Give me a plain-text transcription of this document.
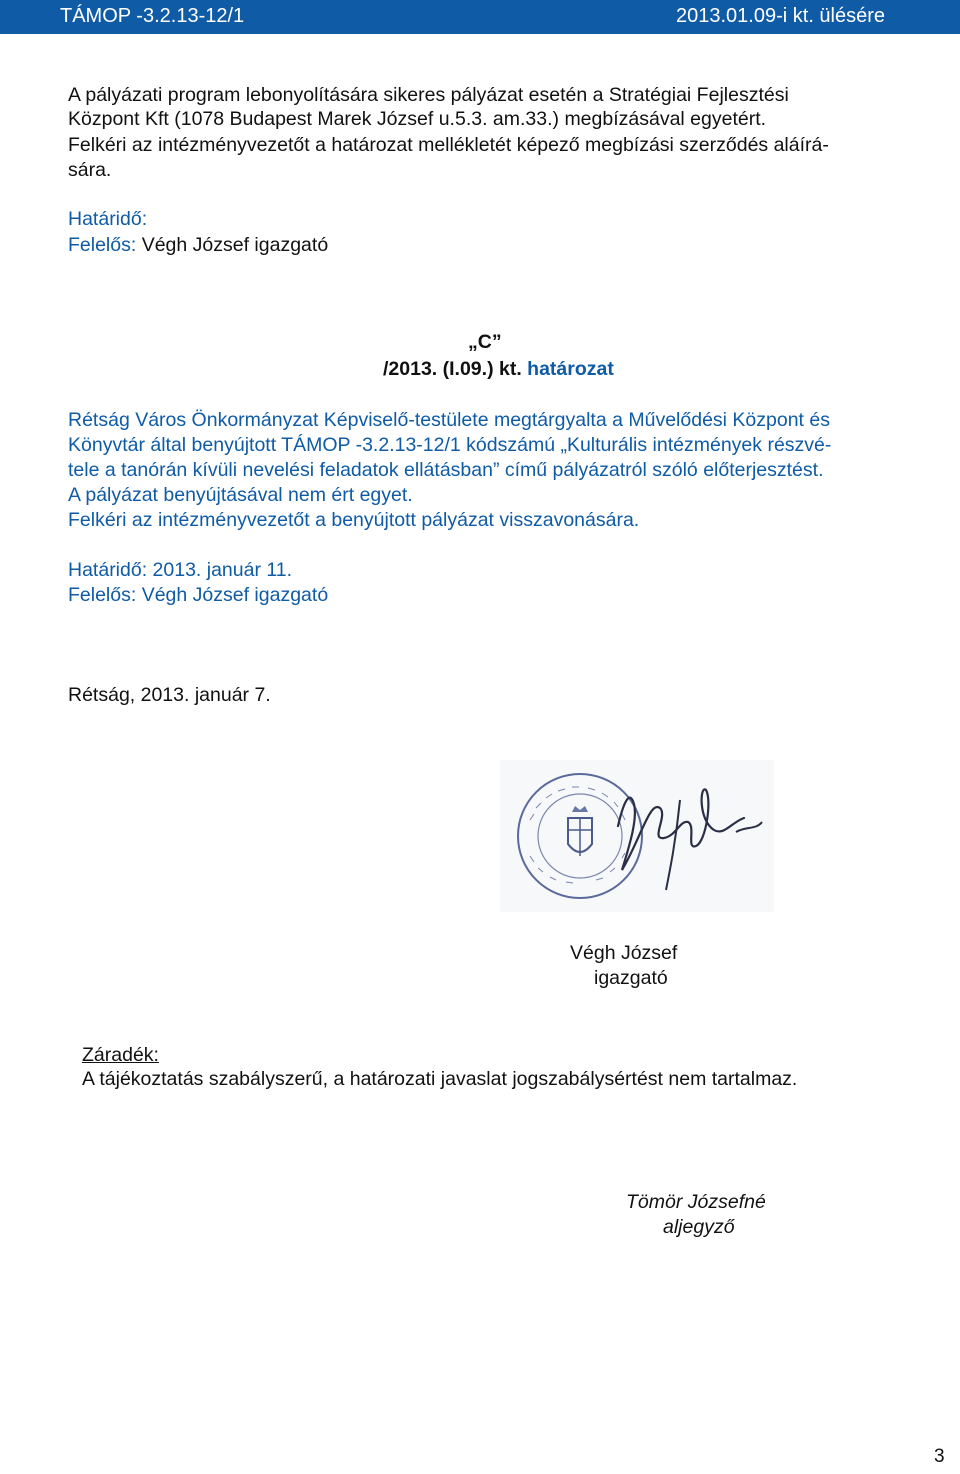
TÁMOP -3.2.13-12/1	2013.01.09-i kt. ülésére

A pályázati program lebonyolítására sikeres pályázat esetén a Stratégiai Fejlesztési

Központ Kft (1078 Budapest Marek József u.5.3. am.33.) megbízásával egyetért.

Felkéri az intézményvezetőt a határozat mellékletét képező megbízási szerződés aláírá-

sára.

Határidő:

Felelős: Végh József igazgató

„C”

/2013. (I.09.) kt. határozat

Rétság Város Önkormányzat Képviselő-testülete megtárgyalta a Művelődési Központ és

Könyvtár által benyújtott TÁMOP -3.2.13-12/1 kódszámú „Kulturális intézmények részvé-

tele a tanórán kívüli nevelési feladatok ellátásban” című pályázatról szóló előterjesztést.

A pályázat benyújtásával nem ért egyet.

Felkéri az intézményvezetőt a benyújtott pályázat visszavonására.

Határidő: 2013. január 11.

Felelős: Végh József igazgató

Rétság, 2013. január 7.

Végh József

igazgató

Záradék:

A tájékoztatás szabályszerű, a határozati javaslat jogszabálysértést nem tartalmaz.

Tömör Józsefné

aljegyző

3
